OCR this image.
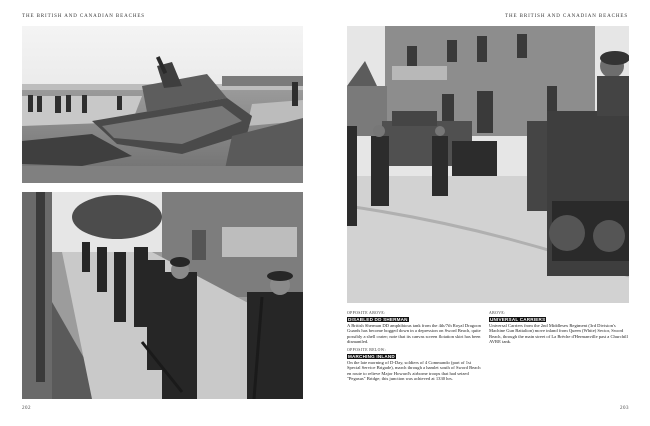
THE BRITISH AND CANADIAN BEACHES
202
THE BRITISH AND CANADIAN BEACHES
OPPOSITE ABOVE:
DISABLED DD SHERMAN
A British Sherman DD amphibious tank from the 4th/7th Royal Dragoon Guards has become bogged down in a depression on Sword Beach, quite possibly a shell crater; note that its canvas screen flotation skirt has been dismantled.
OPPOSITE BELOW:
MARCHING INLAND
On the late morning of D-Day, soldiers of 4 Commando (part of 1st Special Service Brigade), march through a hamlet south of Sword Beach en route to relieve Major Howard's airborne troops that had seized "Pegasus" Bridge; this junction was achieved at 1330 hrs.
ABOVE:
UNIVERSAL CARRIERS
Universal Carriers from the 2nd Middlesex Regiment (3rd Division's Machine Gun Battalion) move inland from Queen (White) Sector, Sword Beach, through the main street of La Brèche d'Hermanville past a Churchill AVRE tank.
203
